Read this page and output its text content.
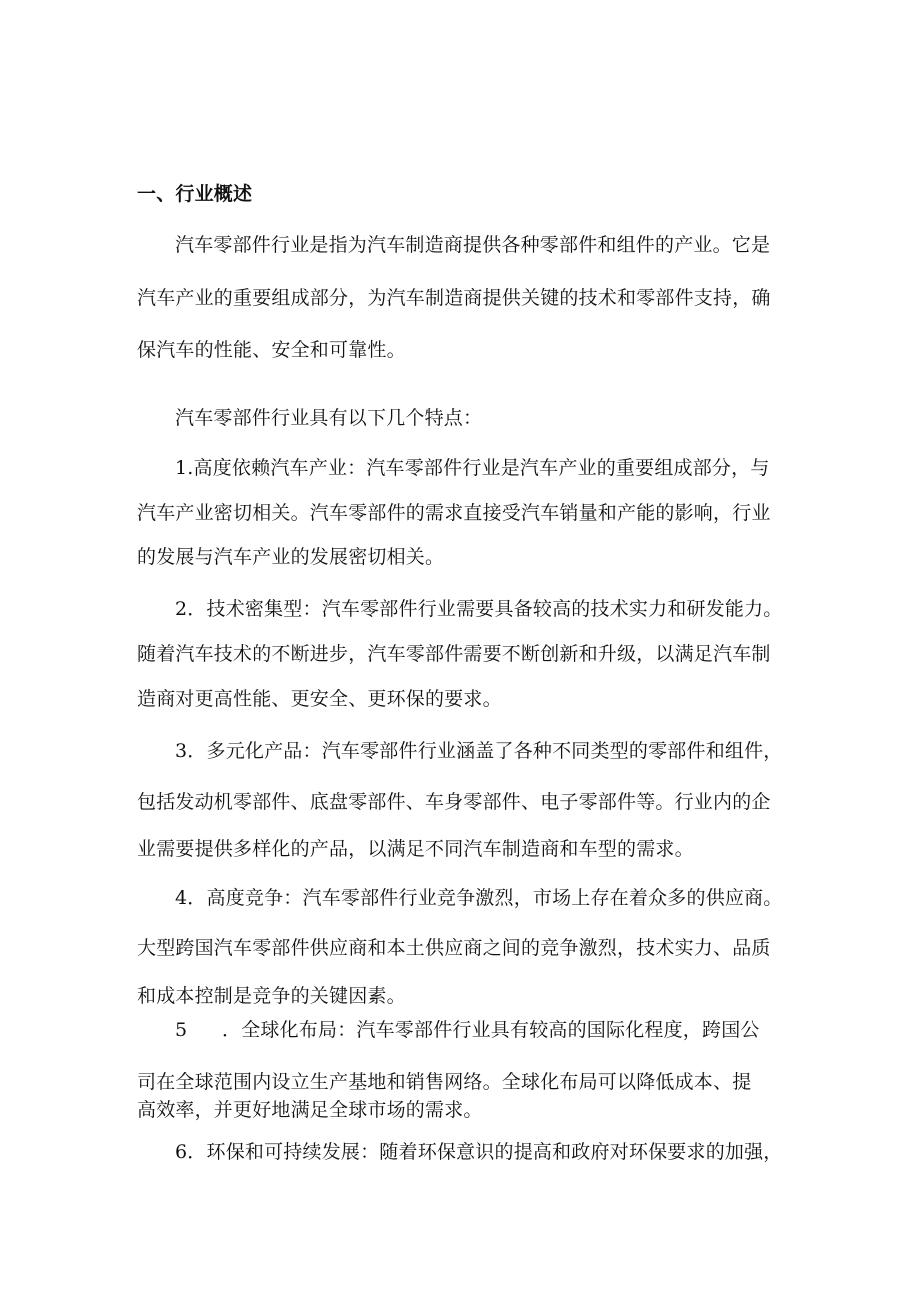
一、行业概述
汽车零部件行业是指为汽车制造商提供各种零部件和组件的产业。它是
汽车产业的重要组成部分，为汽车制造商提供关键的技术和零部件支持，确
保汽车的性能、安全和可靠性。
汽车零部件行业具有以下几个特点：
1.高度依赖汽车产业：汽车零部件行业是汽车产业的重要组成部分，与
汽车产业密切相关。汽车零部件的需求直接受汽车销量和产能的影响，行业
的发展与汽车产业的发展密切相关。
2．技术密集型：汽车零部件行业需要具备较高的技术实力和研发能力。
随着汽车技术的不断进步，汽车零部件需要不断创新和升级，以满足汽车制
造商对更高性能、更安全、更环保的要求。
3．多元化产品：汽车零部件行业涵盖了各种不同类型的零部件和组件，
包括发动机零部件、底盘零部件、车身零部件、电子零部件等。行业内的企
业需要提供多样化的产品，以满足不同汽车制造商和车型的需求。
4．高度竞争：汽车零部件行业竞争激烈，市场上存在着众多的供应商。
大型跨国汽车零部件供应商和本土供应商之间的竞争激烈，技术实力、品质
和成本控制是竞争的关键因素。
5 ．全球化布局：汽车零部件行业具有较高的国际化程度，跨国公
司在全球范围内设立生产基地和销售网络。全球化布局可以降低成本、提
高效率，并更好地满足全球市场的需求。
6．环保和可持续发展：随着环保意识的提高和政府对环保要求的加强，
